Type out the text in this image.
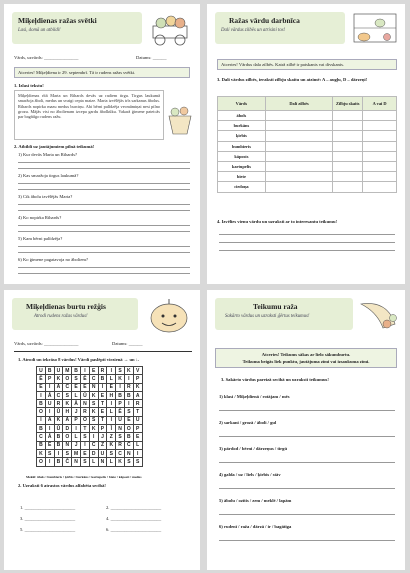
Miķeļdienas ražas svētki
Lasi, domā un atbildi!
Vārds, uzvārds: _______________	Datums: ______
Atceries! Miķeļdiena ir 29. septembrī. Tā ir rudens ražas svētki.
1. Izlasi tekstu!
Miķeļdienas rītā Marta un Rihards devās uz radiem tirgu. Tirgus laukumā smaržoja āboli, medus un svaigi cepta maize. Marta izvēlējās trīs sarkanus ābolus. Rihards nopirka mazu medus burciņu. Abi bērni palīdzēja vecmāmiņai nest pilno grozu. Mājās visi no ābolienam izcepa gardu ābolkūku. Vakarā ģimene pateicās par bagātīgo rudens ražu.
2. Atbildi uz jautājumiem pilnā teikumā!
1) Kur devās Marta un Rihards?
2) Kas smaržoja tirgus laukumā?
3) Cik ābolu izvēlējās Marta?
4) Ko nopirka Rihards?
5) Kam bērni palīdzēja?
6) Ko ģimene pagatavoja no āboliem?
Ražas vārdu darbnīca
Dali vārdus zilbēs un atrisini tos!
Atceries! Vārdus dala zilbēs. Katrā zilbē ir patskanis vai divskanis.
3. Dali vārdus zilbēs, ieraksti zilbju skaitu un atzīmē: A – augļu, D – dārzeņi!
Vārds	Dalī zilbēs	Zilbju skaits	A vai D
ābols			
burkāns			
ķirbis			
bumbieris			
kāposts			
kartupelis			
biete			
ciedoņa			
4. Izvēlies vienu vārdu un uzraksti ar to interesantu teikumu!
Miķeļdienas burtu režģis
Atrodi rudens ražas vārdus!
Vārds, uzvārds: _______________	Datums: ______
1. Atrodi un iekrāso 8 vārdus! Vārdi paslēpti virzienā → un ↓.
U	B	U	M	B	I	E	R	I	S	K	V
Ē	P	K	O	S	Ē	C	B	L	K	I	P
E	I	Ā	C	E	E	N	I	Ē	I	R	K
I	Ā	C	S	L	Ū	K	E	H	B	B	A
B	U	R	K	Ā	N	S	T	I	P	I	R
O	I	Ū	H	J	R	K	E	L	Ē	S	T
I	A	K	A	P	O	S	T	I	U	E	U
B	I	Ū	D	I	T	K	P	Ī	N	O	P
C	Ā	B	O	L	S	I	J	Z	S	B	E
B	Ē	B	N	J	I	C	Z	K	R	Č	L
K	S	I	S	M	E	D	U	S	C	N	I
O	I	B	Č	N	S	L	N	L	K	S	S
Meklē: ābols • bumbieris • ķirbis • burkāns • kartupelis • biete • kāposti • medus
2. Uzraksti 6 atrastos vārdus alfabēta secībā!
1. ______________________	2. ______________________
3. ______________________	4. ______________________
5. ______________________	6. ______________________
Teikumu raža
Sakārto vārdus un uzraksti ģērtus teikumus!
Atceries! Teikums sākas ar lielo sākumburtu.
Teikuma beigās liek punktu, jautājuma zīmi vai izsaukuma zīmi.
3. Sakārto vārdus pareizā secībā un uzraksti teikumus!
1) klasi / Miķeļdienā / rotājam / mēs
2) sarkani / grozā / āboli / gul
3) pārdod / bērni / dārzeņus / tirgū
4) galda / uz / liels / ķirbis / stāv
5) ābolu / ozītis / zem / meklē / lapām
6) rudenī / raža / dārzā / ir / bagātīga
